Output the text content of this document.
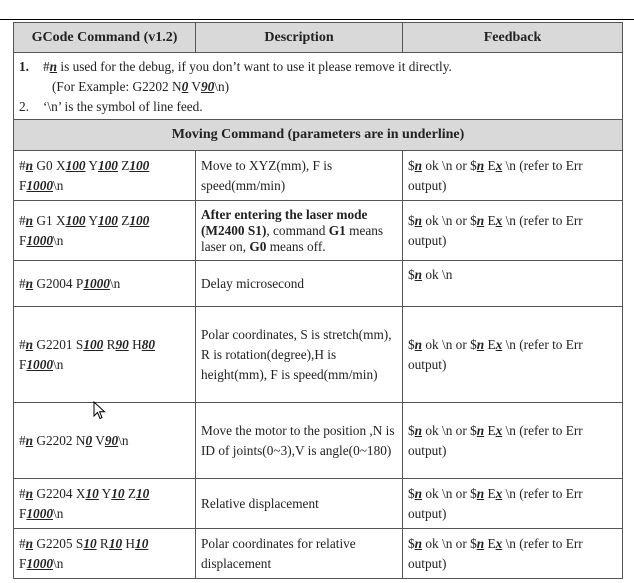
GCode Command (v1.2)	Description	Feedback

1. #n is used for the debug, if you don’t want to use it please remove it directly.
(For Example: G2202 N0 V90\n)
2. ‘\n’ is the symbol of line feed.		

Moving Command (parameters are in underline)		
#n G0 X100 Y100 Z100 F1000\n	Move to XYZ(mm), F is speed(mm/min)	$n ok \n or $n Ex \n (refer to Err output)
#n G1 X100 Y100 Z100 F1000\n	After entering the laser mode (M2400 S1), command G1 means laser on, G0 means off.	$n ok \n or $n Ex \n (refer to Err output)
#n G2004 P1000\n	Delay microsecond	$n ok \n
#n G2201 S100 R90 H80 F1000\n	Polar coordinates, S is stretch(mm), R is rotation(degree),H is height(mm), F is speed(mm/min)	$n ok \n or $n Ex \n (refer to Err output)
#n G2202 N0 V90\n	Move the motor to the position ,N is ID of joints(0~3),V is angle(0~180)	$n ok \n or $n Ex \n (refer to Err output)
#n G2204 X10 Y10 Z10 F1000\n	Relative displacement	$n ok \n or $n Ex \n (refer to Err output)
#n G2205 S10 R10 H10 F1000\n	Polar coordinates for relative displacement	$n ok \n or $n Ex \n (refer to Err output)
